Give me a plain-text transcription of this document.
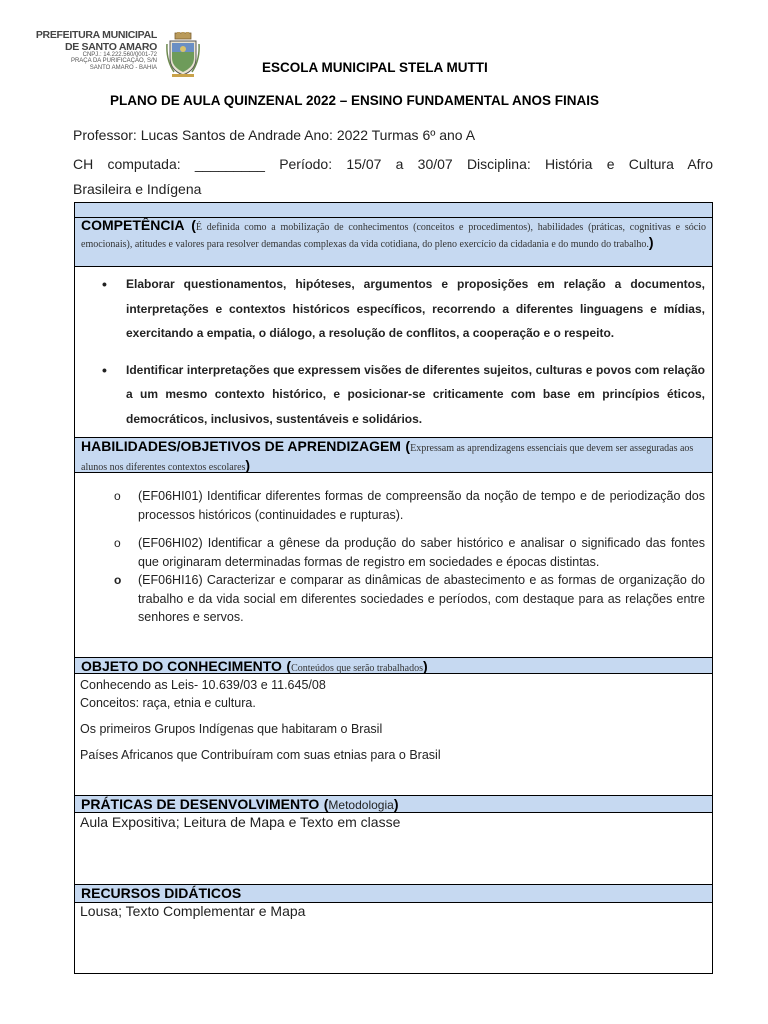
PREFEITURA MUNICIPAL
DE SANTO AMARO
CNPJ.: 14.222.560/0001-72
PRAÇA DA PURIFICAÇÃO, S/N
SANTO AMARO - BAHIA	ESCOLA MUNICIPAL STELA MUTTI
PLANO DE AULA QUINZENAL 2022 – ENSINO FUNDAMENTAL ANOS FINAIS
Professor: Lucas Santos de Andrade Ano: 2022 Turmas 6º ano A
CH computada: _________ Período: 15/07 a 30/07 Disciplina: História e Cultura Afro
Brasileira e Indígena
COMPETÊNCIA (É definida como a mobilização de conhecimentos (conceitos e procedimentos), habilidades (práticas, cognitivas e sócio emocionais), atitudes e valores para resolver demandas complexas da vida cotidiana, do pleno exercício da cidadania e do mundo do trabalho.)
• Elaborar questionamentos, hipóteses, argumentos e proposições em relação a documentos, interpretações e contextos históricos específicos, recorrendo a diferentes linguagens e mídias, exercitando a empatia, o diálogo, a resolução de conflitos, a cooperação e o respeito.
• Identificar interpretações que expressem visões de diferentes sujeitos, culturas e povos com relação a um mesmo contexto histórico, e posicionar-se criticamente com base em princípios éticos, democráticos, inclusivos, sustentáveis e solidários.
HABILIDADES/OBJETIVOS DE APRENDIZAGEM (Expressam as aprendizagens essenciais que devem ser asseguradas aos alunos nos diferentes contextos escolares)
o (EF06HI01) Identificar diferentes formas de compreensão da noção de tempo e de periodização dos processos históricos (continuidades e rupturas).
o (EF06HI02) Identificar a gênese da produção do saber histórico e analisar o significado das fontes que originaram determinadas formas de registro em sociedades e épocas distintas.
o (EF06HI16) Caracterizar e comparar as dinâmicas de abastecimento e as formas de organização do trabalho e da vida social em diferentes sociedades e períodos, com destaque para as relações entre senhores e servos.
OBJETO DO CONHECIMENTO (Conteúdos que serão trabalhados)
Conhecendo as Leis- 10.639/03 e 11.645/08
Conceitos: raça, etnia e cultura.
Os primeiros Grupos Indígenas que habitaram o Brasil
Países Africanos que Contribuíram com suas etnias para o Brasil
PRÁTICAS DE DESENVOLVIMENTO (Metodologia)
Aula Expositiva; Leitura de Mapa e Texto em classe
RECURSOS DIDÁTICOS
Lousa; Texto Complementar e Mapa
